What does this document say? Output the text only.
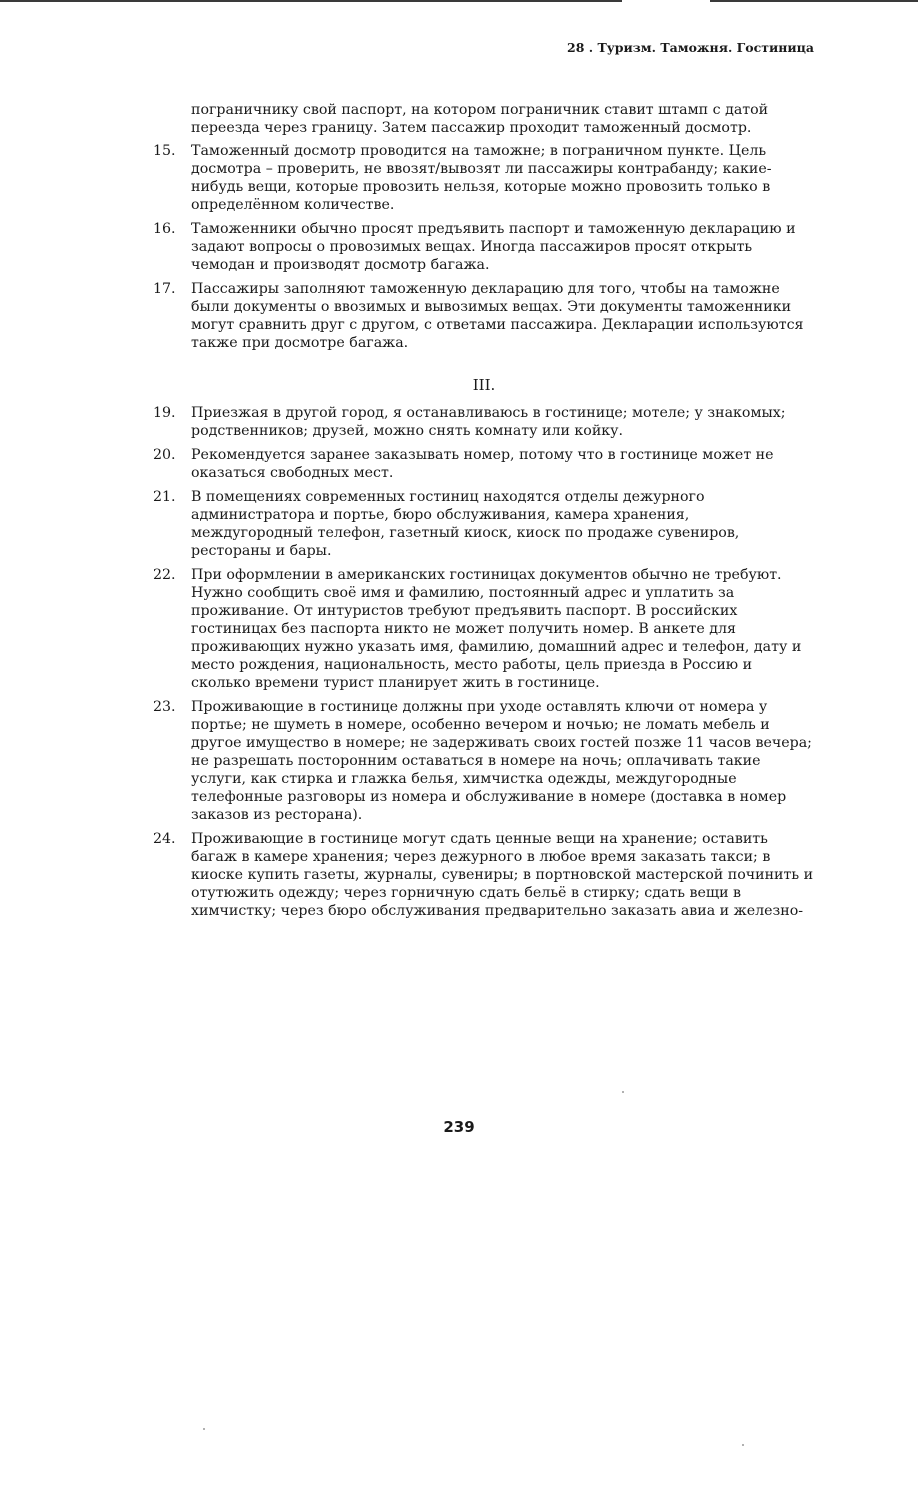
28 . Туризм. Таможня. Гостиница

пограничнику свой паспорт, на котором пограничник ставит штамп с датой переезда через границу. Затем пассажир проходит таможенный досмотр.

15. Таможенный досмотр проводится на таможне; в пограничном пункте. Цель досмотра – проверить, не ввозят/вывозят ли пассажиры контрабанду; какие-нибудь вещи, которые провозить нельзя, которые можно провозить только в определённом количестве.
16. Таможенники обычно просят предъявить паспорт и таможенную декларацию и задают вопросы о провозимых вещах. Иногда пассажиров просят открыть чемодан и производят досмотр багажа.
17. Пассажиры заполняют таможенную декларацию для того, чтобы на таможне были документы о ввозимых и вывозимых вещах. Эти документы таможенники могут сравнить друг с другом, с ответами пассажира. Декларации используются также при досмотре багажа.
III.
19. Приезжая в другой город, я останавливаюсь в гостинице; мотеле; у знакомых; родственников; друзей, можно снять комнату или койку.
20. Рекомендуется заранее заказывать номер, потому что в гостинице может не оказаться свободных мест.
21. В помещениях современных гостиниц находятся отделы дежурного администратора и портье, бюро обслуживания, камера хранения, междугородный телефон, газетный киоск, киоск по продаже сувениров, рестораны и бары.
22. При оформлении в американских гостиницах документов обычно не требуют. Нужно сообщить своё имя и фамилию, постоянный адрес и уплатить за проживание. От интуристов требуют предъявить паспорт. В российских гостиницах без паспорта никто не может получить номер. В анкете для проживающих нужно указать имя, фамилию, домашний адрес и телефон, дату и место рождения, национальность, место работы, цель приезда в Россию и сколько времени турист планирует жить в гостинице.
23. Проживающие в гостинице должны при уходе оставлять ключи от номера у портье; не шуметь в номере, особенно вечером и ночью; не ломать мебель и другое имущество в номере; не задерживать своих гостей позже 11 часов вечера; не разрешать посторонним оставаться в номере на ночь; оплачивать такие услуги, как стирка и глажка белья, химчистка одежды, междугородные телефонные разговоры из номера и обслуживание в номере (доставка в номер заказов из ресторана).
24. Проживающие в гостинице могут сдать ценные вещи на хранение; оставить багаж в камере хранения; через дежурного в любое время заказать такси; в киоске купить газеты, журналы, сувениры; в портновской мастерской починить и отутюжить одежду; через горничную сдать бельё в стирку; сдать вещи в химчистку; через бюро обслуживания предварительно заказать авиа и железно-
239
